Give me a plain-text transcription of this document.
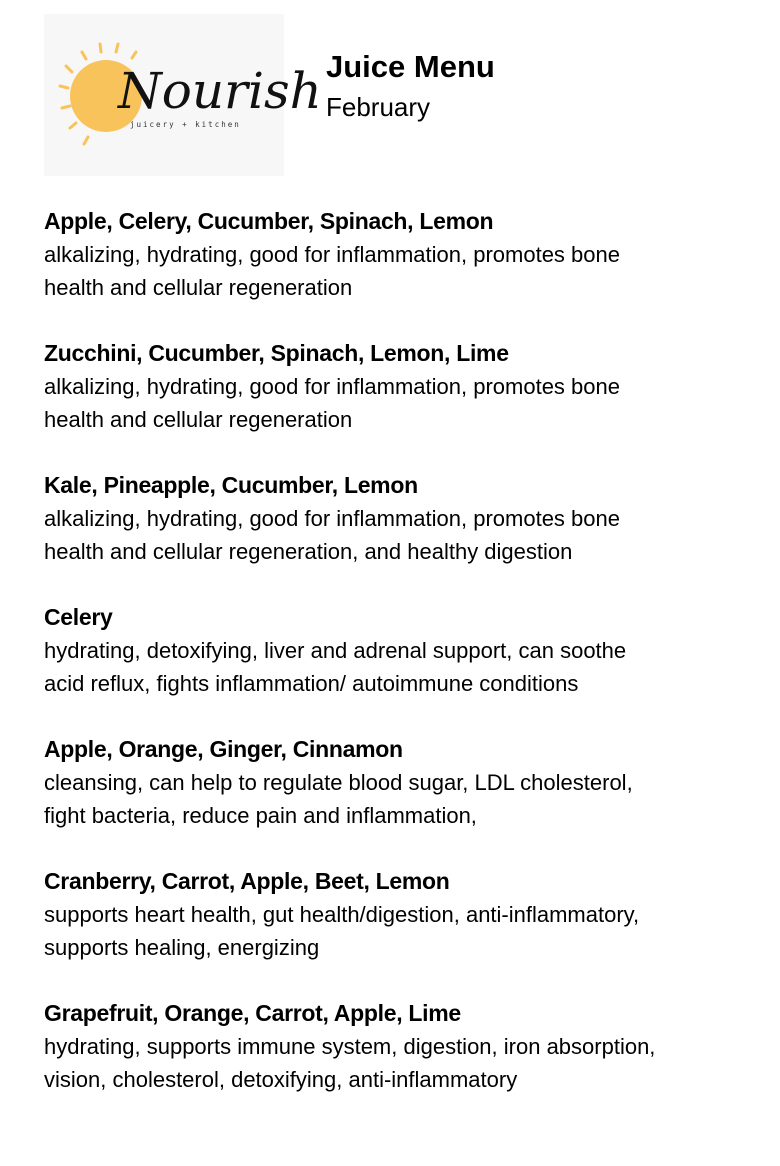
Nourish
juicery + kitchen
Juice Menu
February
Apple, Celery, Cucumber, Spinach, Lemon
alkalizing, hydrating, good for inflammation, promotes bone
health and cellular regeneration
Zucchini, Cucumber, Spinach, Lemon, Lime
alkalizing, hydrating, good for inflammation, promotes bone
health and cellular regeneration
Kale, Pineapple, Cucumber, Lemon
alkalizing, hydrating, good for inflammation, promotes bone
health and cellular regeneration, and healthy digestion
Celery
hydrating, detoxifying, liver and adrenal support, can soothe
acid reflux, fights inflammation/ autoimmune conditions
Apple, Orange, Ginger, Cinnamon
cleansing, can help to regulate blood sugar, LDL cholesterol,
fight bacteria, reduce pain and inflammation,
Cranberry, Carrot, Apple, Beet, Lemon
supports heart health, gut health/digestion, anti-inflammatory,
supports healing, energizing
Grapefruit, Orange, Carrot, Apple, Lime
hydrating, supports immune system, digestion, iron absorption,
vision, cholesterol, detoxifying, anti-inflammatory
